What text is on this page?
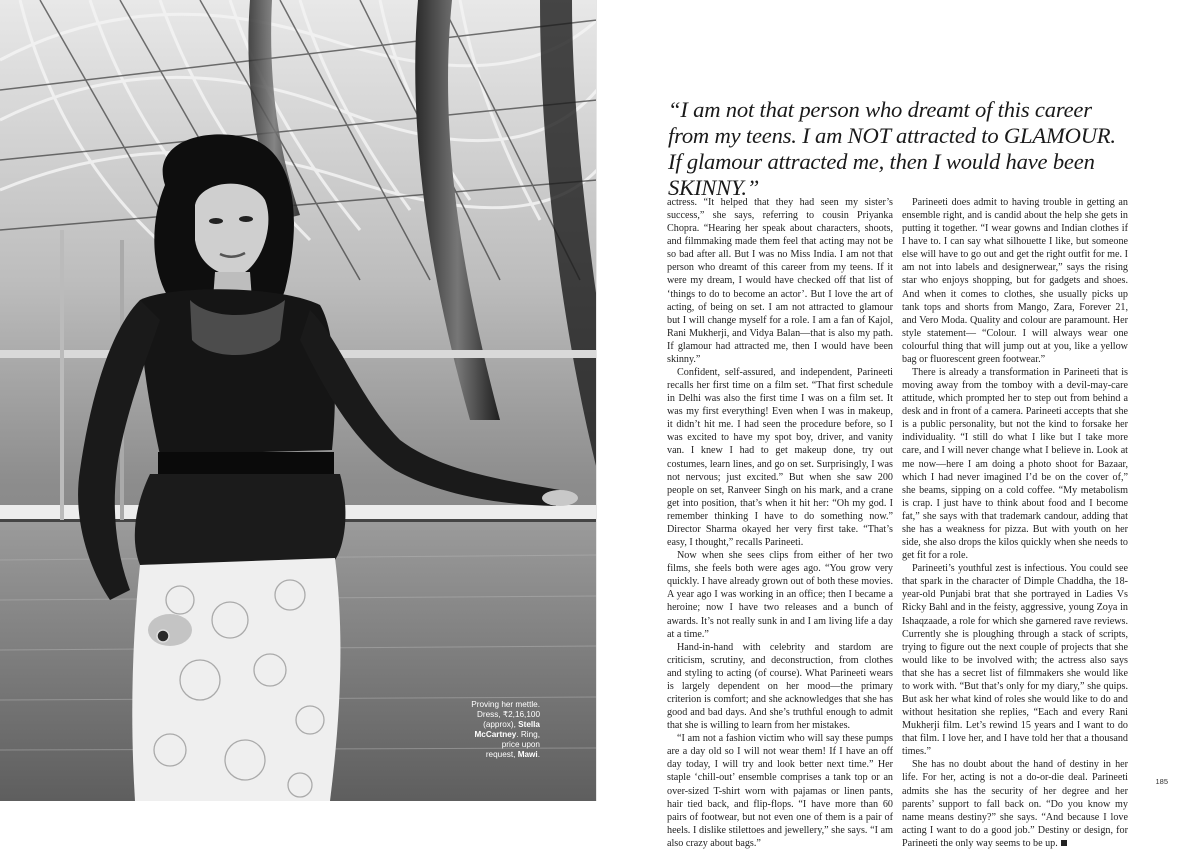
Proving her mettle.
Dress, ₹2,16,100
(approx), Stella McCartney. Ring,
price upon
request, Mawi.
“I am not that person who dreamt of this career from my teens. I am NOT attracted to GLAMOUR. If glamour attracted me, then I would have been SKINNY.”

actress. “It helped that they had seen my sister’s success,” she says, referring to cousin Priyanka Chopra. “Hearing her speak about characters, shoots, and filmmaking made them feel that acting may not be so bad after all. But I was no Miss India. I am not that person who dreamt of this career from my teens. If it were my dream, I would have checked off that list of ‘things to do to become an actor’. But I love the art of acting, of being on set. I am not attracted to glamour but I will change myself for a role. I am a fan of Kajol, Rani Mukherji, and Vidya Balan—that is also my path. If glamour had attracted me, then I would have been skinny.”

Confident, self-assured, and independent, Parineeti recalls her first time on a film set. “That first schedule in Delhi was also the first time I was on a film set. It was my first everything! Even when I was in makeup, it didn’t hit me. I had seen the procedure before, so I was excited to have my spot boy, driver, and vanity van. I knew I had to get makeup done, try out costumes, learn lines, and go on set. Surprisingly, I was not nervous; just excited.” But when she saw 200 people on set, Ranveer Singh on his mark, and a crane get into position, that’s when it hit her: “Oh my god. I remember thinking I have to do something now.” Director Sharma okayed her very first take. “That’s easy, I thought,” recalls Parineeti.

Now when she sees clips from either of her two films, she feels both were ages ago. “You grow very quickly. I have already grown out of both these movies. A year ago I was working in an office; then I became a heroine; now I have two releases and a bunch of awards. It’s not really sunk in and I am living life a day at a time.”

Hand-in-hand with celebrity and stardom are criticism, scrutiny, and deconstruction, from clothes and styling to acting (of course). What Parineeti wears is largely dependent on her mood—the primary criterion is comfort; and she acknowledges that she has good and bad days. And she’s truthful enough to admit that she is willing to learn from her mistakes.

“I am not a fashion victim who will say these pumps are a day old so I will not wear them! If I have an off day today, I will try and look better next time.” Her staple ‘chill-out’ ensemble comprises a tank top or an over-sized T-shirt worn with pajamas or linen pants, hair tied back, and flip-flops. “I have more than 60 pairs of footwear, but not even one of them is a pair of heels. I dislike stilettoes and jewellery,” she says. “I am also crazy about bags.”

Parineeti does admit to having trouble in getting an ensemble right, and is candid about the help she gets in putting it together. “I wear gowns and Indian clothes if I have to. I can say what silhouette I like, but someone else will have to go out and get the right outfit for me. I am not into labels and designerwear,” says the rising star who enjoys shopping, but for gadgets and shoes. And when it comes to clothes, she usually picks up tank tops and shorts from Mango, Zara, Forever 21, and Vero Moda. Quality and colour are paramount. Her style statement— “Colour. I will always wear one colourful thing that will jump out at you, like a yellow bag or fluorescent green footwear.”

There is already a transformation in Parineeti that is moving away from the tomboy with a devil-may-care attitude, which prompted her to step out from behind a desk and in front of a camera. Parineeti accepts that she is a public personality, but not the kind to forsake her individuality. “I still do what I like but I take more care, and I will never change what I believe in. Look at me now—here I am doing a photo shoot for Bazaar, which I had never imagined I’d be on the cover of,” she beams, sipping on a cold coffee. “My metabolism is crap. I just have to think about food and I become fat,” she says with that trademark candour, adding that she has a weakness for pizza. But with youth on her side, she also drops the kilos quickly when she needs to get fit for a role.

Parineeti’s youthful zest is infectious. You could see that spark in the character of Dimple Chaddha, the 18-year-old Punjabi brat that she portrayed in Ladies Vs Ricky Bahl and in the feisty, aggressive, young Zoya in Ishaqzaade, a role for which she garnered rave reviews. Currently she is ploughing through a stack of scripts, trying to figure out the next couple of projects that she would like to be involved with; the actress also says that she has a secret list of filmmakers she would like to work with. “But that’s only for my diary,” she quips. But ask her what kind of roles she would like to do and without hesitation she replies, “Each and every Rani Mukherji film. Let’s rewind 15 years and I want to do that film. I love her, and I have told her that a thousand times.”

She has no doubt about the hand of destiny in her life. For her, acting is not a do-or-die deal. Parineeti admits she has the security of her degree and her parents’ support to fall back on. “Do you know my name means destiny?” she says. “And because I love acting I want to do a good job.” Destiny or design, for Parineeti the only way seems to be up.

185
